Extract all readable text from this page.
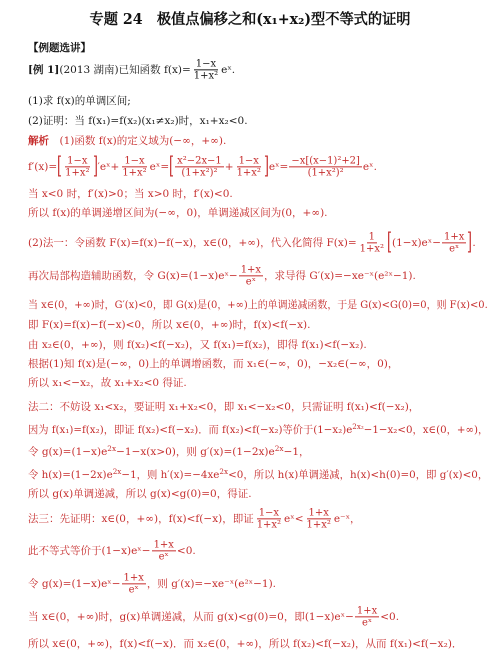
专题 24　极值点偏移之和(x₁+x₂)型不等式的证明
【例题选讲】
[例 1](2013 湖南)已知函数 $f(x)= \frac{1-x}{\text{1+x²}}$ eˣ.
(1)求 f(x)的单调区间;
(2)证明：当 f(x₁)=f(x₂)(x₁≠x₂)时，x₁+x₂<0.
解析　(1)函数 f(x)的定义域为(−∞，+∞).
$f'(x)=[ \frac{1-x}{\text{1+x²}}$ ]′eˣ+ $\frac{1-x}{\text{1+x²}}$ eˣ=[ $\frac{\text{x²−2x−1}}{\text{(1+x²)²}} + \frac{1-x}{\text{1+x²}}$ ]eˣ= $\frac{\text{−x[(x−1)²+2]}}{\text{(1+x²)²}}$ eˣ.
当 x<0 时，f′(x)>0；当 x>0 时，f′(x)<0.
所以 f(x)的单调递增区间为(−∞，0)，单调递减区间为(0，+∞).
(2)法一：令函数 F(x)=f(x)−f(−x)，x∈(0，+∞)，代入化简得 $F(x)= \frac{1}{\text{1+x²}}$ [(1−x)eˣ− $\frac{1+x}{\text{eˣ}}$ ].
再次局部构造辅助函数，令 G(x)=(1−x)eˣ− $\frac{1+x}{\text{eˣ}}$ ，求导得 G′(x)=−xe⁻ˣ(e²ˣ−1).
当 x∈(0，+∞)时，G′(x)<0，即 G(x)是(0，+∞)上的单调递减函数，于是 G(x)<G(0)=0，则 F(x)<0.
即 F(x)=f(x)−f(−x)<0，所以 x∈(0，+∞)时，f(x)<f(−x).
由 x₂∈(0，+∞)，则 f(x₂)<f(−x₂)，又 f(x₁)=f(x₂)，即得 f(x₁)<f(−x₂).
根据(1)知 f(x)是(−∞，0)上的单调增函数，而 x₁∈(−∞，0)，−x₂∈(−∞，0)，
所以 x₁<−x₂，故 x₁+x₂<0 得证.
法二：不妨设 x₁<x₂，要证明 x₁+x₂<0，即 x₁<−x₂<0，只需证明 f(x₁)<f(−x₂)，
因为 f(x₁)=f(x₂)，即证 f(x₂)<f(−x₂)．而 f(x₂)<f(−x₂)等价于$(1-x_2)e^{2x_2}-1-x_2<0$，x∈(0，+∞)，
令 $g(x)=(1-x)e^{2x}-1-x(x>0)$，则 $g'(x)=(1-2x)e^{2x}-1$，
令 $h(x)=(1-2x)e^{2x}-1$，则 $h'(x)=-4xe^{2x}<0$，所以 h(x)单调递减，h(x)<h(0)=0，即 g′(x)<0，
所以 g(x)单调递减，所以 g(x)<g(0)=0，得证.
法三：先证明：x∈(0，+∞)，f(x)<f(−x)，即证 $\frac{1-x}{\text{1+x²}}$ eˣ< $\frac{1+x}{\text{1+x²}}$ e⁻ˣ，
此不等式等价于(1−x)eˣ− $\frac{1+x}{\text{eˣ}} <0$.
令 g(x)=(1−x)eˣ− $\frac{1+x}{\text{eˣ}}$ ，则 g′(x)=−xe⁻ˣ(e²ˣ−1).
当 x∈(0，+∞)时，g(x)单调递减，从而 g(x)<g(0)=0，即(1−x)eˣ− $\frac{1+x}{\text{eˣ}} <0$.
所以 x∈(0，+∞)，f(x)<f(−x)．而 x₂∈(0，+∞)，所以 f(x₂)<f(−x₂)，从而 f(x₁)<f(−x₂)．
